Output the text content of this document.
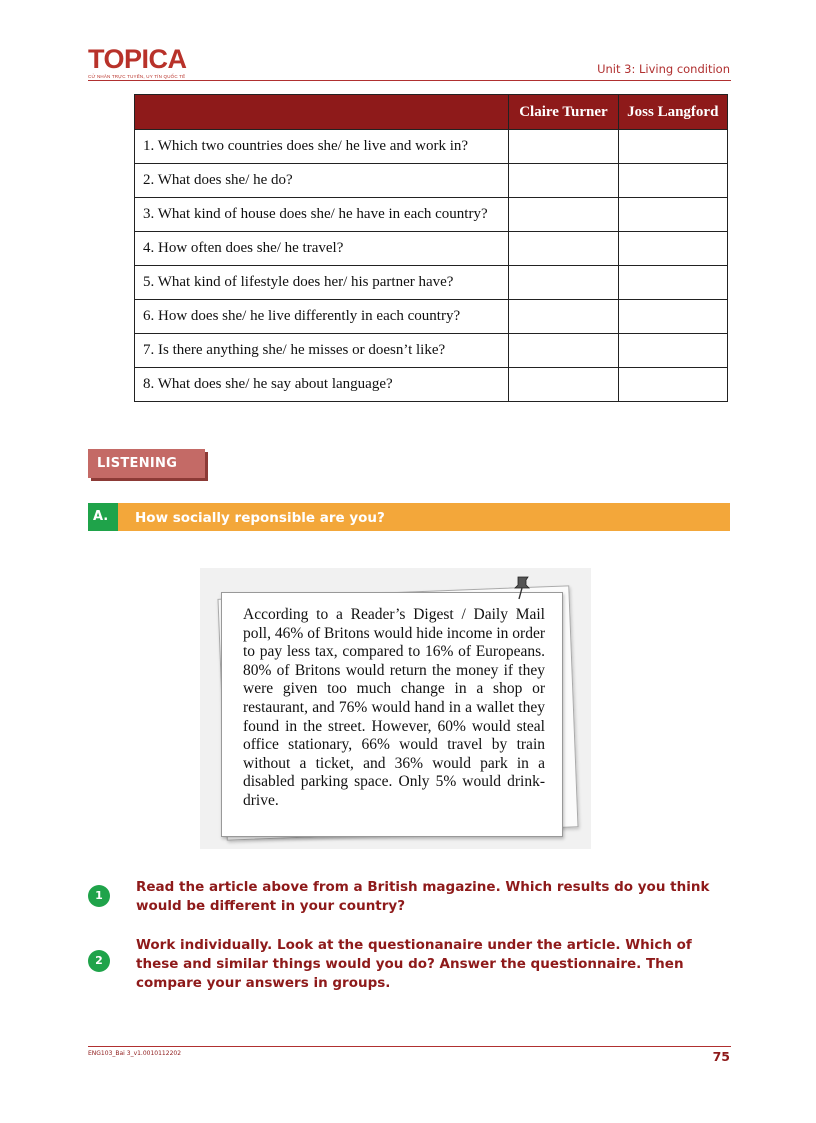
TOPICA
CỬ NHÂN TRỰC TUYẾN, UY TÍN QUỐC TẾ
Unit 3: Living condition
	Claire Turner	Joss Langford
1. Which two countries does she/ he live and work in?		
2. What does she/ he do?		
3. What kind of house does she/ he have in each country?		
4. How often does she/ he travel?		
5. What kind of lifestyle does her/ his partner have?		
6. How does she/ he live differently in each country?		
7. Is there anything she/ he misses or doesn’t like?		
8. What does she/ he say about language?		
LISTENING
A.	How socially reponsible are you?
According to a Reader’s Digest / Daily Mail poll, 46% of Britons would hide income in order to pay less tax, compared to 16% of Europeans. 80% of Britons would return the money if they were given too much change in a shop or restaurant, and 76% would hand in a wallet they found in the street. However, 60% would steal office stationary, 66% would travel by train without a ticket, and 36% would park in a disabled parking space. Only 5% would drink-drive.
1
Read the article above from a British magazine. Which results do you think would be different in your country?
2
Work individually. Look at the questionanaire under the article. Which of these and similar things would you do? Answer the questionnaire. Then compare your answers in groups.
ENG103_Bai 3_v1.0010112202	75
